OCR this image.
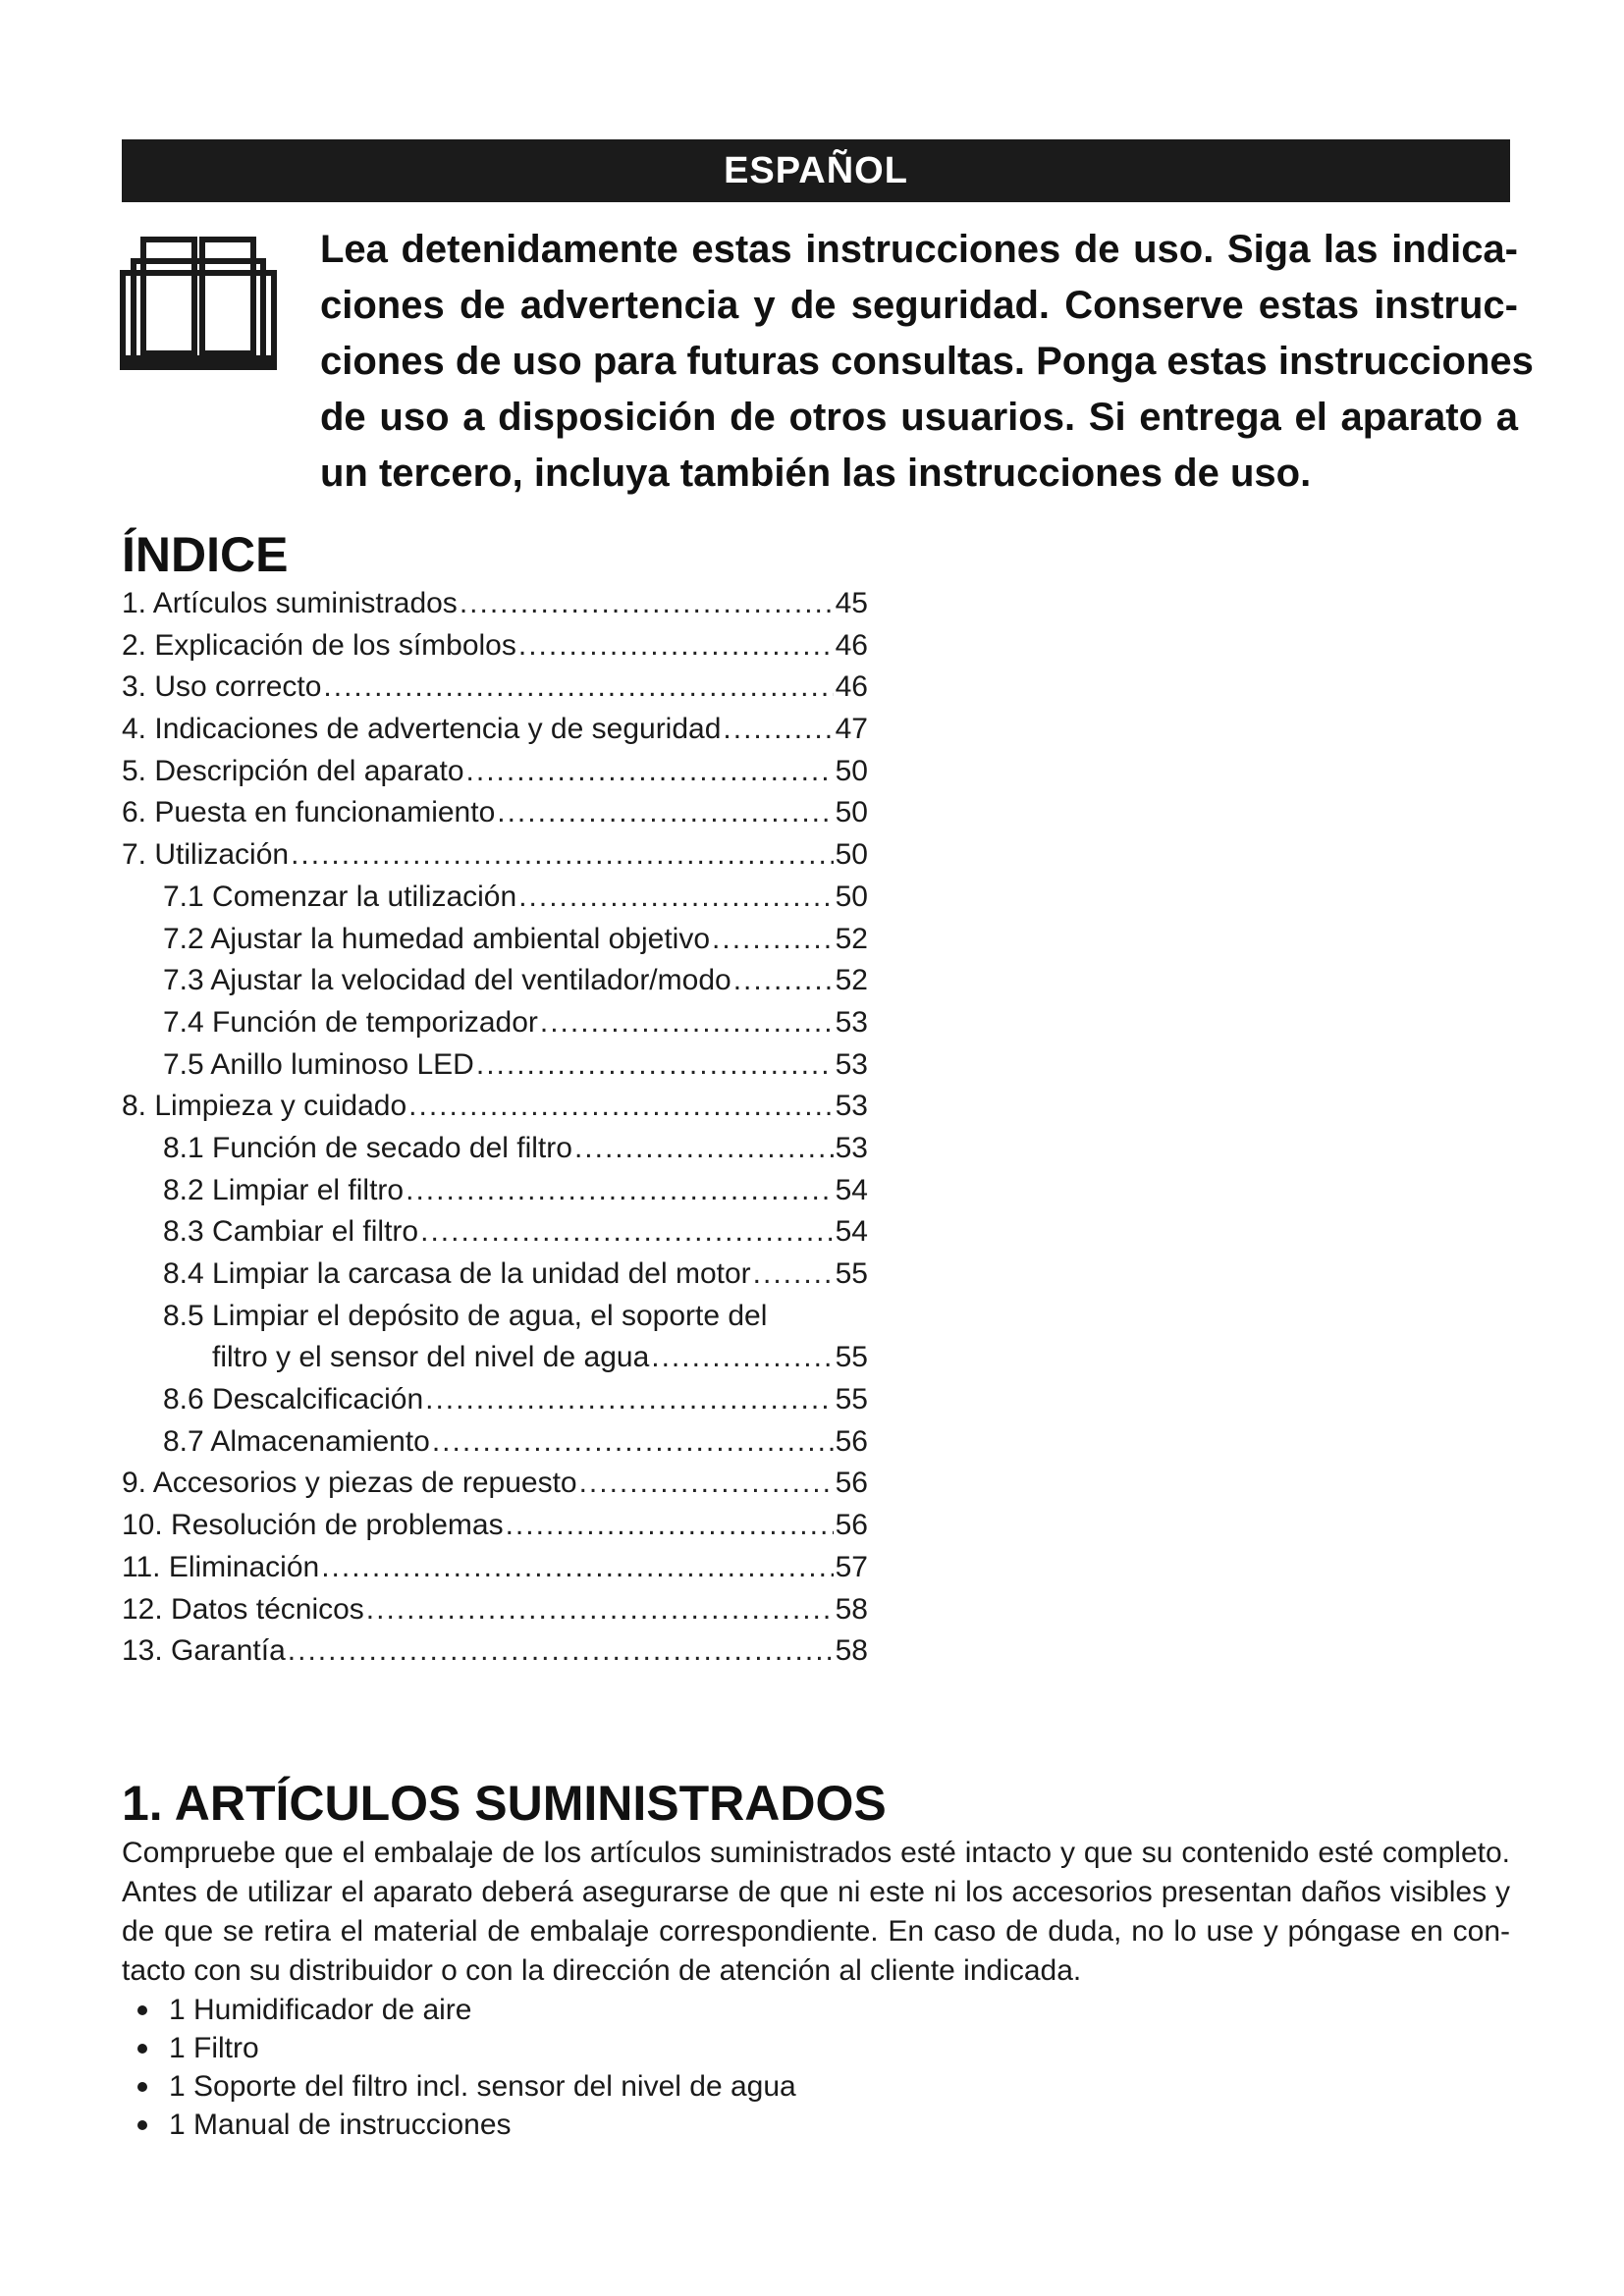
ESPAÑOL
Lea detenidamente estas instrucciones de uso. Siga las indica-
ciones de advertencia y de seguridad. Conserve estas instruc-
ciones de uso para futuras consultas. Ponga estas instrucciones
de uso a disposición de otros usuarios. Si entrega el aparato a
un tercero, incluya también las instrucciones de uso.
ÍNDICE
1. Artículos suministrados .....	45
2. Explicación de los símbolos .....	46
3. Uso correcto .....	46
4. Indicaciones de advertencia y de seguridad .....	47
5. Descripción del aparato .....	50
6. Puesta en funcionamiento .....	50
7. Utilización .....	50
7.1 Comenzar la utilización .....	50
7.2 Ajustar la humedad ambiental objetivo .....	52
7.3 Ajustar la velocidad del ventilador/modo .....	52
7.4 Función de temporizador .....	53
7.5 Anillo luminoso LED .....	53
8. Limpieza y cuidado .....	53
8.1 Función de secado del filtro .....	53
8.2 Limpiar el filtro .....	54
8.3 Cambiar el filtro .....	54
8.4 Limpiar la carcasa de la unidad del motor .....	55
8.5 Limpiar el depósito de agua, el soporte del
filtro y el sensor del nivel de agua .....	55
8.6 Descalcificación .....	55
8.7 Almacenamiento .....	56
9. Accesorios y piezas de repuesto .....	56
10. Resolución de problemas .....	56
11. Eliminación .....	57
12. Datos técnicos .....	58
13. Garantía .....	58
1. ARTÍCULOS SUMINISTRADOS
Compruebe que el embalaje de los artículos suministrados esté intacto y que su contenido esté completo.
Antes de utilizar el aparato deberá asegurarse de que ni este ni los accesorios presentan daños visibles y
de que se retira el material de embalaje correspondiente. En caso de duda, no lo use y póngase en con-
tacto con su distribuidor o con la dirección de atención al cliente indicada.
1 Humidificador de aire
1 Filtro
1 Soporte del filtro incl. sensor del nivel de agua
1 Manual de instrucciones
